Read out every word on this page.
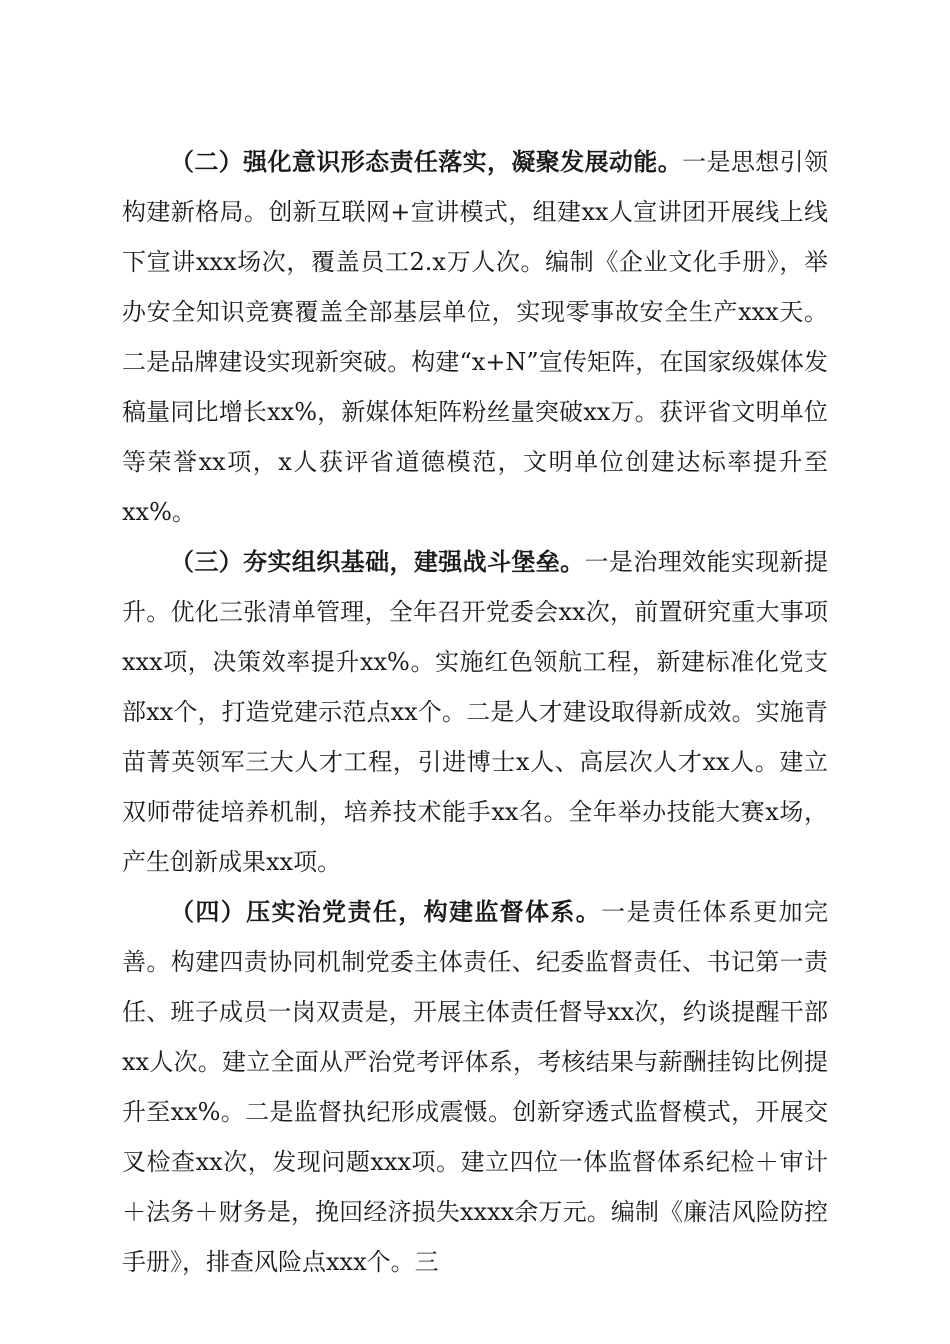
（二）强化意识形态责任落实，凝聚发展动能。一是思想引领构建新格局。创新互联网+宣讲模式，组建xx人宣讲团开展线上线下宣讲xxx场次，覆盖员工2.x万人次。编制《企业文化手册》，举办安全知识竞赛覆盖全部基层单位，实现零事故安全生产xxx天。二是品牌建设实现新突破。构建“x+N”宣传矩阵，在国家级媒体发稿量同比增长xx%，新媒体矩阵粉丝量突破xx万。获评省文明单位等荣誉xx项，x人获评省道德模范，文明单位创建达标率提升至xx%。

（三）夯实组织基础，建强战斗堡垒。一是治理效能实现新提升。优化三张清单管理，全年召开党委会xx次，前置研究重大事项xxx项，决策效率提升xx%。实施红色领航工程，新建标准化党支部xx个，打造党建示范点xx个。二是人才建设取得新成效。实施青苗菁英领军三大人才工程，引进博士x人、高层次人才xx人。建立双师带徒培养机制，培养技术能手xx名。全年举办技能大赛x场，产生创新成果xx项。

（四）压实治党责任，构建监督体系。一是责任体系更加完善。构建四责协同机制党委主体责任、纪委监督责任、书记第一责任、班子成员一岗双责是，开展主体责任督导xx次，约谈提醒干部xx人次。建立全面从严治党考评体系，考核结果与薪酬挂钩比例提升至xx%。二是监督执纪形成震慑。创新穿透式监督模式，开展交叉检查xx次，发现问题xxx项。建立四位一体监督体系纪检＋审计＋法务＋财务是，挽回经济损失xxxx余万元。编制《廉洁风险防控手册》，排查风险点xxx个。三
